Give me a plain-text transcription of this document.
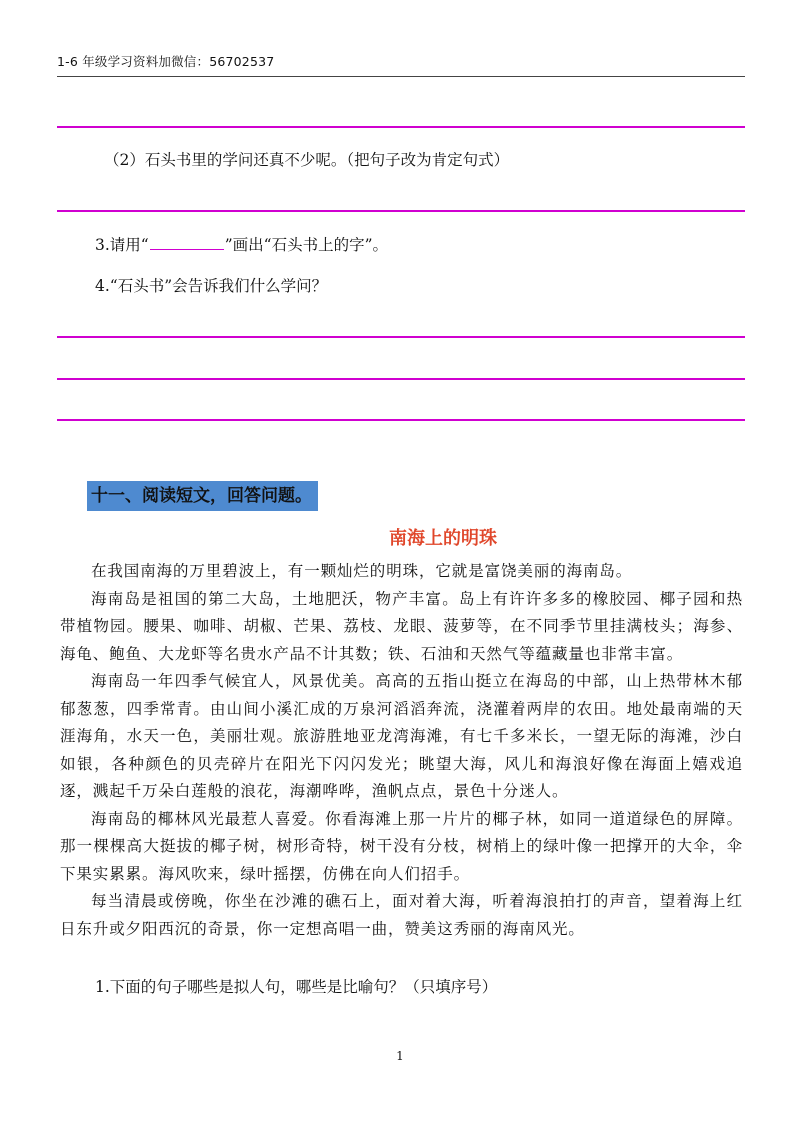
1-6 年级学习资料加微信：56702537
（2）石头书里的学问还真不少呢。（把句子改为肯定句式）
3.请用“	”画出“石头书上的字”。
4.“石头书”会告诉我们什么学问？
十一、阅读短文，回答问题。
南海上的明珠

在我国南海的万里碧波上，有一颗灿烂的明珠，它就是富饶美丽的海南岛。

海南岛是祖国的第二大岛，土地肥沃，物产丰富。岛上有许许多多的橡胶园、椰子园和热带植物园。腰果、咖啡、胡椒、芒果、荔枝、龙眼、菠萝等，在不同季节里挂满枝头；海参、海龟、鲍鱼、大龙虾等名贵水产品不计其数；铁、石油和天然气等蕴藏量也非常丰富。

海南岛一年四季气候宜人，风景优美。高高的五指山挺立在海岛的中部，山上热带林木郁郁葱葱，四季常青。由山间小溪汇成的万泉河滔滔奔流，浇灌着两岸的农田。地处最南端的天涯海角，水天一色，美丽壮观。旅游胜地亚龙湾海滩，有七千多米长，一望无际的海滩，沙白如银，各种颜色的贝壳碎片在阳光下闪闪发光；眺望大海，风儿和海浪好像在海面上嬉戏追逐，溅起千万朵白莲般的浪花，海潮哗哗，渔帆点点，景色十分迷人。

海南岛的椰林风光最惹人喜爱。你看海滩上那一片片的椰子林，如同一道道绿色的屏障。那一棵棵高大挺拔的椰子树，树形奇特，树干没有分枝，树梢上的绿叶像一把撑开的大伞，伞下果实累累。海风吹来，绿叶摇摆，仿佛在向人们招手。

每当清晨或傍晚，你坐在沙滩的礁石上，面对着大海，听着海浪拍打的声音，望着海上红日东升或夕阳西沉的奇景，你一定想高唱一曲，赞美这秀丽的海南风光。

1.下面的句子哪些是拟人句，哪些是比喻句？（只填序号）
1
